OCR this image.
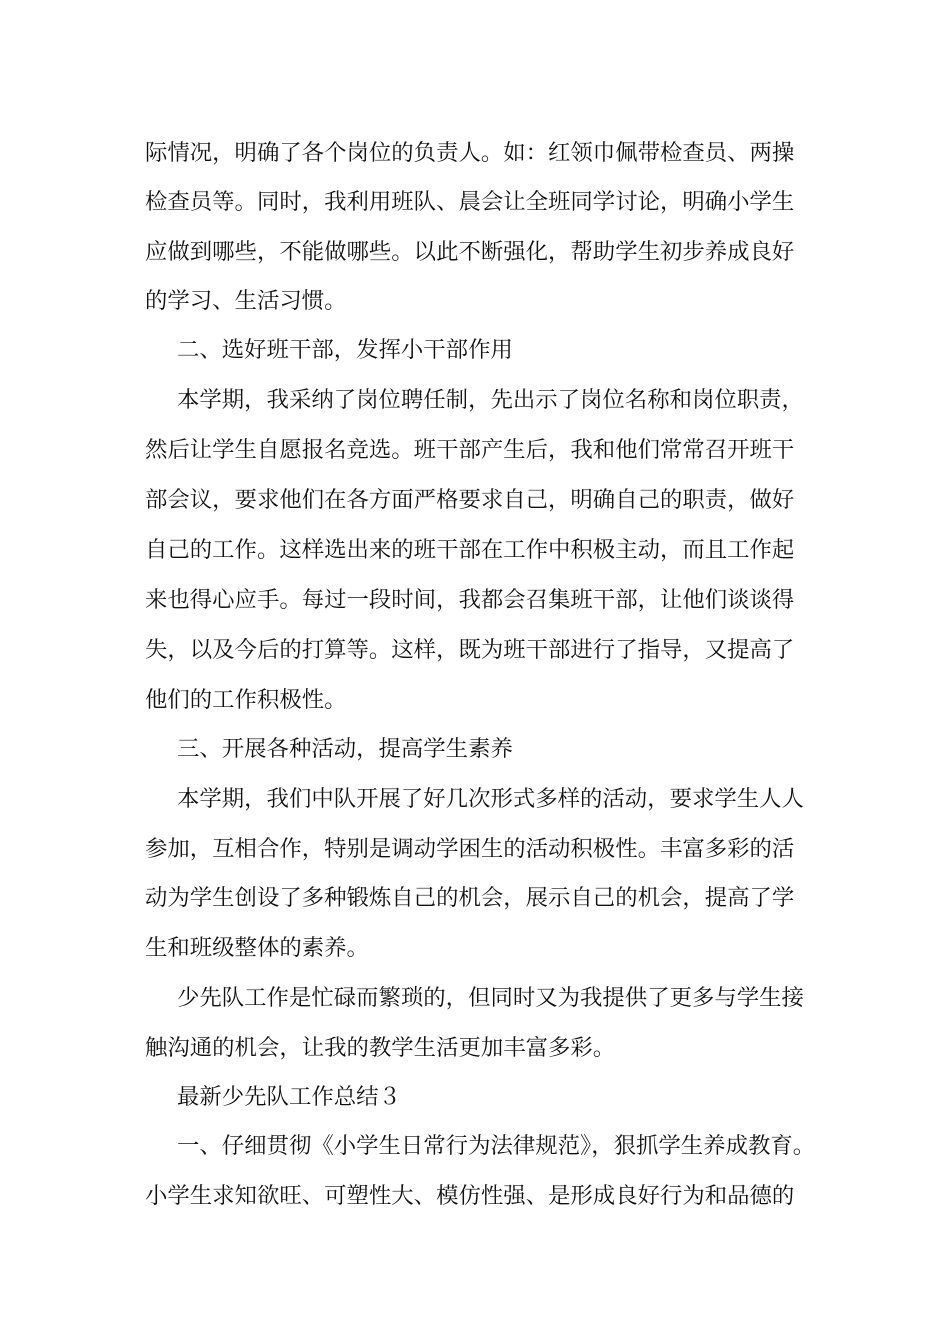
际情况，明确了各个岗位的负责人。如：红领巾佩带检查员、两操
检查员等。同时，我利用班队、晨会让全班同学讨论，明确小学生
应做到哪些，不能做哪些。以此不断强化，帮助学生初步养成良好
的学习、生活习惯。
二、选好班干部，发挥小干部作用
本学期，我采纳了岗位聘任制，先出示了岗位名称和岗位职责，
然后让学生自愿报名竞选。班干部产生后，我和他们常常召开班干
部会议，要求他们在各方面严格要求自己，明确自己的职责，做好
自己的工作。这样选出来的班干部在工作中积极主动，而且工作起
来也得心应手。每过一段时间，我都会召集班干部，让他们谈谈得
失，以及今后的打算等。这样，既为班干部进行了指导，又提高了
他们的工作积极性。
三、开展各种活动，提高学生素养
本学期，我们中队开展了好几次形式多样的活动，要求学生人人
参加，互相合作，特别是调动学困生的活动积极性。丰富多彩的活
动为学生创设了多种锻炼自己的机会，展示自己的机会，提高了学
生和班级整体的素养。
少先队工作是忙碌而繁琐的，但同时又为我提供了更多与学生接
触沟通的机会，让我的教学生活更加丰富多彩。
最新少先队工作总结３
一、仔细贯彻《小学生日常行为法律规范》，狠抓学生养成教育。
小学生求知欲旺、可塑性大、模仿性强、是形成良好行为和品德的
